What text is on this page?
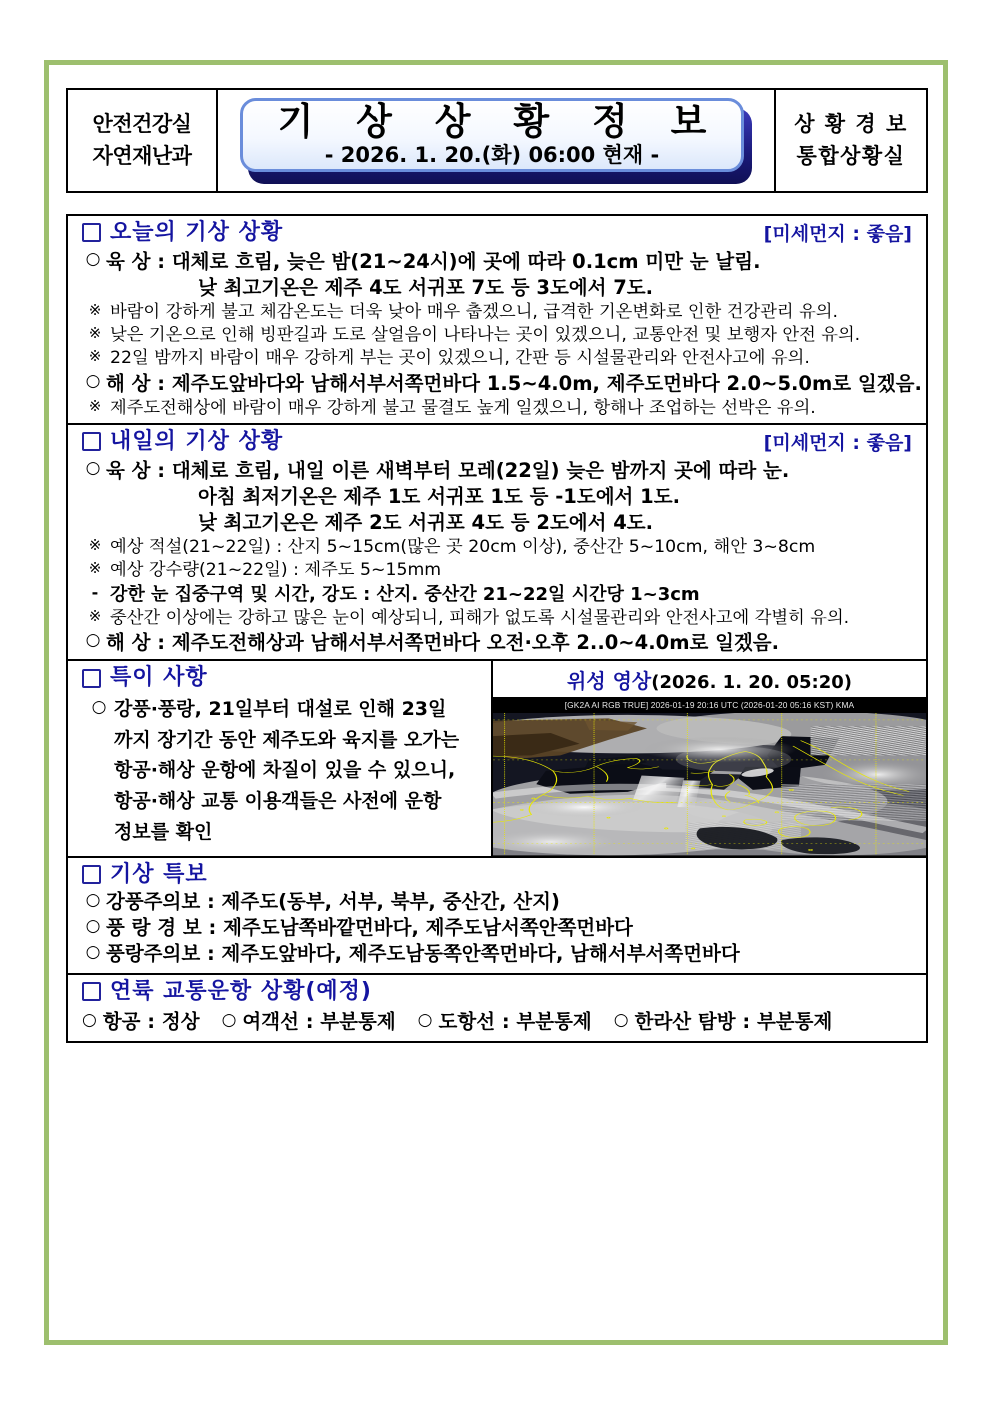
안전건강실
자연재난과
기 상 상 황 정 보
- 2026. 1. 20.(화) 06:00 현재 -
상 황 경 보
통합상황실
오늘의 기상 상황	[미세먼지 : 좋음]
○ 육 상 : 대체로 흐림, 늦은 밤(21~24시)에 곳에 따라 0.1cm 미만 눈 날림.
낮 최고기온은 제주 4도 서귀포 7도 등 3도에서 7도.
※ 바람이 강하게 불고 체감온도는 더욱 낮아 매우 춥겠으니, 급격한 기온변화로 인한 건강관리 유의.
※ 낮은 기온으로 인해 빙판길과 도로 살얼음이 나타나는 곳이 있겠으니, 교통안전 및 보행자 안전 유의.
※ 22일 밤까지 바람이 매우 강하게 부는 곳이 있겠으니, 간판 등 시설물관리와 안전사고에 유의.
○ 해 상 : 제주도앞바다와 남해서부서쪽먼바다 1.5~4.0m, 제주도먼바다 2.0~5.0m로 일겠음.
※ 제주도전해상에 바람이 매우 강하게 불고 물결도 높게 일겠으니, 항해나 조업하는 선박은 유의.
내일의 기상 상황	[미세먼지 : 좋음]
○ 육 상 : 대체로 흐림, 내일 이른 새벽부터 모레(22일) 늦은 밤까지 곳에 따라 눈.
아침 최저기온은 제주 1도 서귀포 1도 등 -1도에서 1도.
낮 최고기온은 제주 2도 서귀포 4도 등 2도에서 4도.
※ 예상 적설(21~22일) : 산지 5~15cm(많은 곳 20cm 이상), 중산간 5~10cm, 해안 3~8cm
※ 예상 강수량(21~22일) : 제주도 5~15mm
- 강한 눈 집중구역 및 시간, 강도 : 산지. 중산간 21~22일 시간당 1~3cm
※ 중산간 이상에는 강하고 많은 눈이 예상되니, 피해가 없도록 시설물관리와 안전사고에 각별히 유의.
○ 해 상 : 제주도전해상과 남해서부서쪽먼바다 오전·오후 2..0~4.0m로 일겠음.
특이 사항
○ 강풍·풍랑, 21일부터 대설로 인해 23일
까지 장기간 동안 제주도와 육지를 오가는
항공·해상 운항에 차질이 있을 수 있으니,
항공·해상 교통 이용객들은 사전에 운항
정보를 확인
위성 영상(2026. 1. 20. 05:20)
[GK2A AI RGB TRUE] 2026-01-19 20:16 UTC (2026-01-20 05:16 KST) KMA
기상 특보
○ 강풍주의보 : 제주도(동부, 서부, 북부, 중산간, 산지)
○ 풍 랑 경 보 : 제주도남쪽바깥먼바다, 제주도남서쪽안쪽먼바다
○ 풍랑주의보 : 제주도앞바다, 제주도남동쪽안쪽먼바다, 남해서부서쪽먼바다
연륙 교통운항 상황(예정)
○ 항공 : 정상 ○ 여객선 : 부분통제 ○ 도항선 : 부분통제 ○ 한라산 탐방 : 부분통제
